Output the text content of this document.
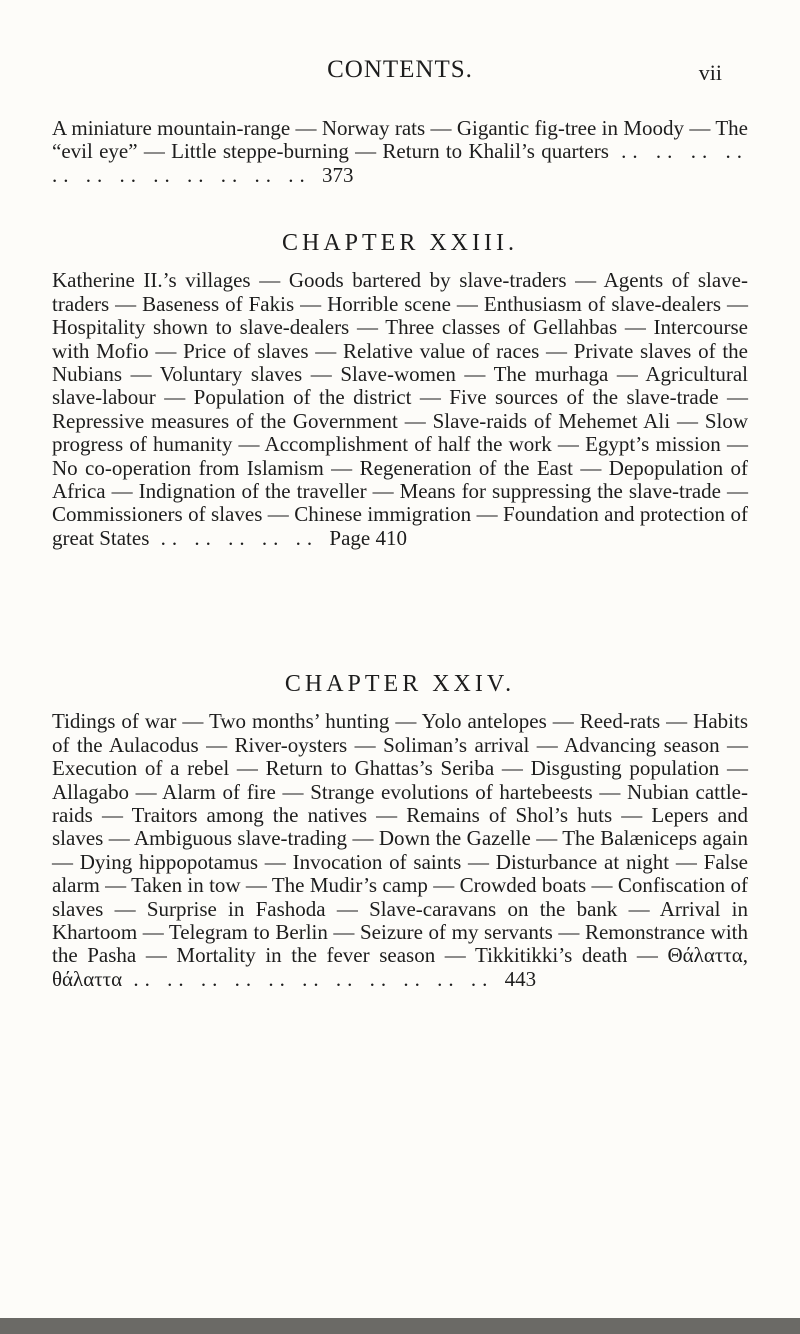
CONTENTS.	vii
A miniature mountain-range — Norway rats — Gigantic fig-tree in Moody — The “evil eye” — Little steppe-burning — Return to Khalil’s quarters .. .. .. .. .. .. .. .. .. .. .. .. 373
CHAPTER XXIII.
Katherine II.’s villages — Goods bartered by slave-traders — Agents of slave-traders — Baseness of Fakis — Horrible scene — Enthusiasm of slave-dealers — Hospitality shown to slave-dealers — Three classes of Gellahbas — Intercourse with Mofio — Price of slaves — Relative value of races — Private slaves of the Nubians — Voluntary slaves — Slave-women — The murhaga — Agricultural slave-labour — Population of the district — Five sources of the slave-trade — Repressive measures of the Government — Slave-raids of Mehemet Ali — Slow progress of humanity — Accomplishment of half the work — Egypt’s mission — No co-operation from Islamism — Regeneration of the East — Depopulation of Africa — Indignation of the traveller — Means for suppressing the slave-trade — Commissioners of slaves — Chinese immigration — Foundation and protection of great States .. .. .. .. .. Page 410
CHAPTER XXIV.
Tidings of war — Two months’ hunting — Yolo antelopes — Reed-rats — Habits of the Aulacodus — River-oysters — Soliman’s arrival — Advancing season — Execution of a rebel — Return to Ghattas’s Seriba — Disgusting population — Allagabo — Alarm of fire — Strange evolutions of hartebeests — Nubian cattle-raids — Traitors among the natives — Remains of Shol’s huts — Lepers and slaves — Ambiguous slave-trading — Down the Gazelle — The Balæniceps again — Dying hippopotamus — Invocation of saints — Disturbance at night — False alarm — Taken in tow — The Mudir’s camp — Crowded boats — Confiscation of slaves — Surprise in Fashoda — Slave-caravans on the bank — Arrival in Khartoom — Telegram to Berlin — Seizure of my servants — Remonstrance with the Pasha — Mortality in the fever season — Tikkitikki’s death — Θάλαττα, θάλαττα .. .. .. .. .. .. .. .. .. .. .. 443
